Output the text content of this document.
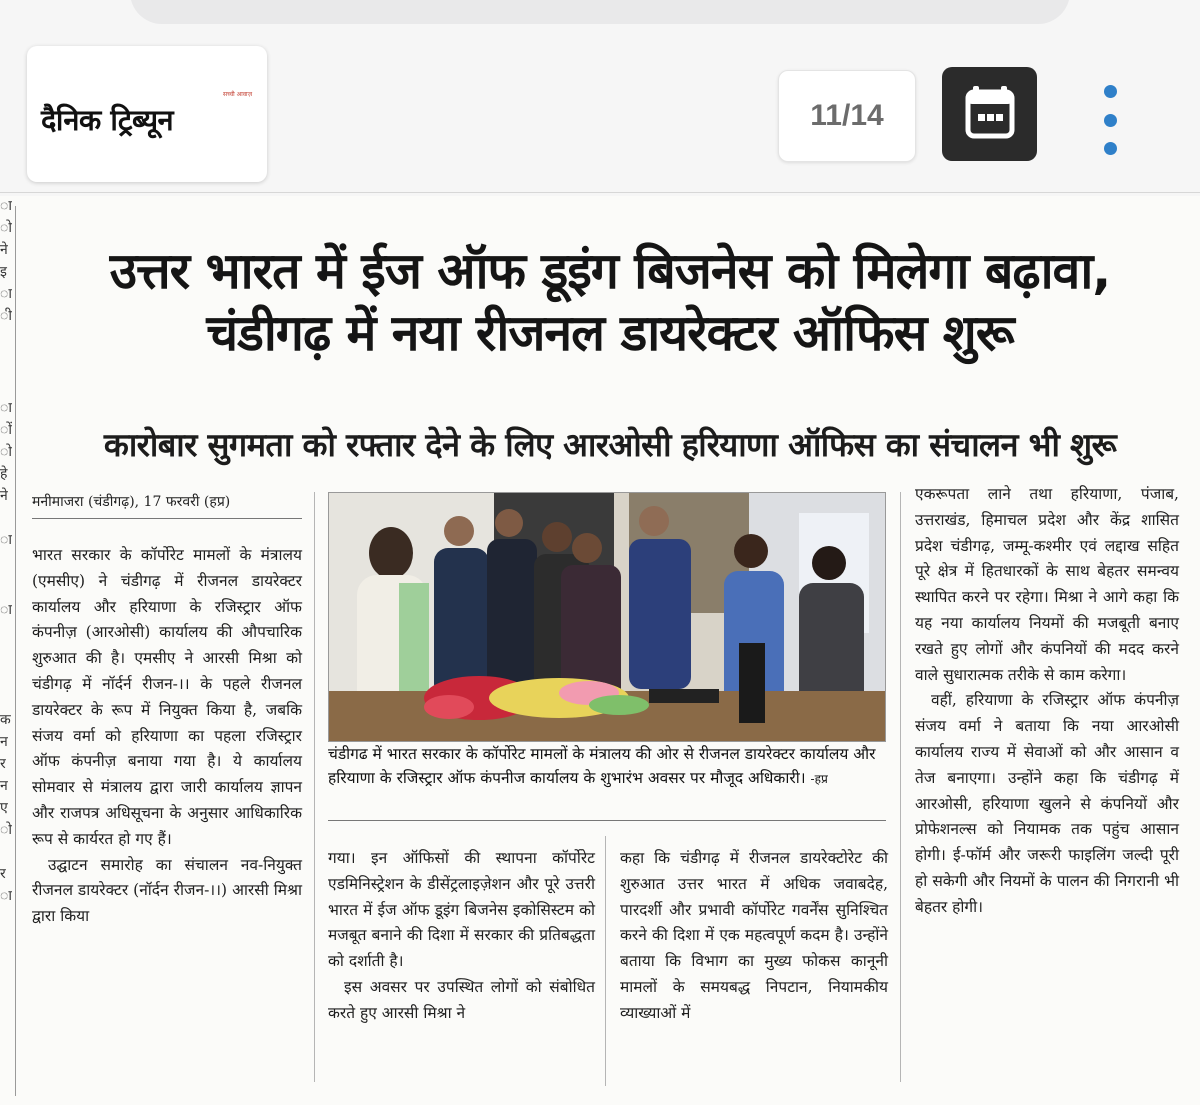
सच्ची आवाज़
दैनिक ट्रिब्यून	11/14
ा
ो
ने
इ
ा
ी
ा
ों
ो
हे
ने
ा
ा
क
न
र
न
ए
ो
र
ा
उत्तर भारत में ईज ऑफ डूइंग बिजनेस को मिलेगा बढ़ावा,
चंडीगढ़ में नया रीजनल डायरेक्टर ऑफिस शुरू
कारोबार सुगमता को रफ्तार देने के लिए आरओसी हरियाणा ऑफिस का संचालन भी शुरू
मनीमाजरा (चंडीगढ़), 17 फरवरी (हप्र)

भारत सरकार के कॉर्पोरेट मामलों के मंत्रालय (एमसीए) ने चंडीगढ़ में रीजनल डायरेक्टर कार्यालय और हरियाणा के रजिस्ट्रार ऑफ कंपनीज़ (आरओसी) कार्यालय की औपचारिक शुरुआत की है। एमसीए ने आरसी मिश्रा को चंडीगढ़ में नॉर्दर्न रीजन-।। के पहले रीजनल डायरेक्टर के रूप में नियुक्त किया है, जबकि संजय वर्मा को हरियाणा का पहला रजिस्ट्रार ऑफ कंपनीज़ बनाया गया है। ये कार्यालय सोमवार से मंत्रालय द्वारा जारी कार्यालय ज्ञापन और राजपत्र अधिसूचना के अनुसार आधिकारिक रूप से कार्यरत हो गए हैं।

उद्घाटन समारोह का संचालन नव-नियुक्त रीजनल डायरेक्टर (नॉर्दन रीजन-।।) आरसी मिश्रा द्वारा किया

चंडीगढ में भारत सरकार के कॉर्पोरेट मामलों के मंत्रालय की ओर से रीजनल डायरेक्टर कार्यालय और हरियाणा के रजिस्ट्रार ऑफ कंपनीज कार्यालय के शुभारंभ अवसर पर मौजूद अधिकारी। -हप्र

गया। इन ऑफिसों की स्थापना कॉर्पोरेट एडमिनिस्ट्रेशन के डीसेंट्रलाइज़ेशन और पूरे उत्तरी भारत में ईज ऑफ डूइंग बिजनेस इकोसिस्टम को मजबूत बनाने की दिशा में सरकार की प्रतिबद्धता को दर्शाती है।

इस अवसर पर उपस्थित लोगों को संबोधित करते हुए आरसी मिश्रा ने

कहा कि चंडीगढ़ में रीजनल डायरेक्टोरेट की शुरुआत उत्तर भारत में अधिक जवाबदेह, पारदर्शी और प्रभावी कॉर्पोरेट गवर्नेंस सुनिश्चित करने की दिशा में एक महत्वपूर्ण कदम है। उन्होंने बताया कि विभाग का मुख्य फोकस कानूनी मामलों के समयबद्ध निपटान, नियामकीय व्याख्याओं में

एकरूपता लाने तथा हरियाणा, पंजाब, उत्तराखंड, हिमाचल प्रदेश और केंद्र शासित प्रदेश चंडीगढ़, जम्मू-कश्मीर एवं लद्दाख सहित पूरे क्षेत्र में हितधारकों के साथ बेहतर समन्वय स्थापित करने पर रहेगा। मिश्रा ने आगे कहा कि यह नया कार्यालय नियमों की मजबूती बनाए रखते हुए लोगों और कंपनियों की मदद करने वाले सुधारात्मक तरीके से काम करेगा।

वहीं, हरियाणा के रजिस्ट्रार ऑफ कंपनीज़ संजय वर्मा ने बताया कि नया आरओसी कार्यालय राज्य में सेवाओं को और आसान व तेज बनाएगा। उन्होंने कहा कि चंडीगढ़ में आरओसी, हरियाणा खुलने से कंपनियों और प्रोफेशनल्स को नियामक तक पहुंच आसान होगी। ई-फॉर्म और जरूरी फाइलिंग जल्दी पूरी हो सकेगी और नियमों के पालन की निगरानी भी बेहतर होगी।
